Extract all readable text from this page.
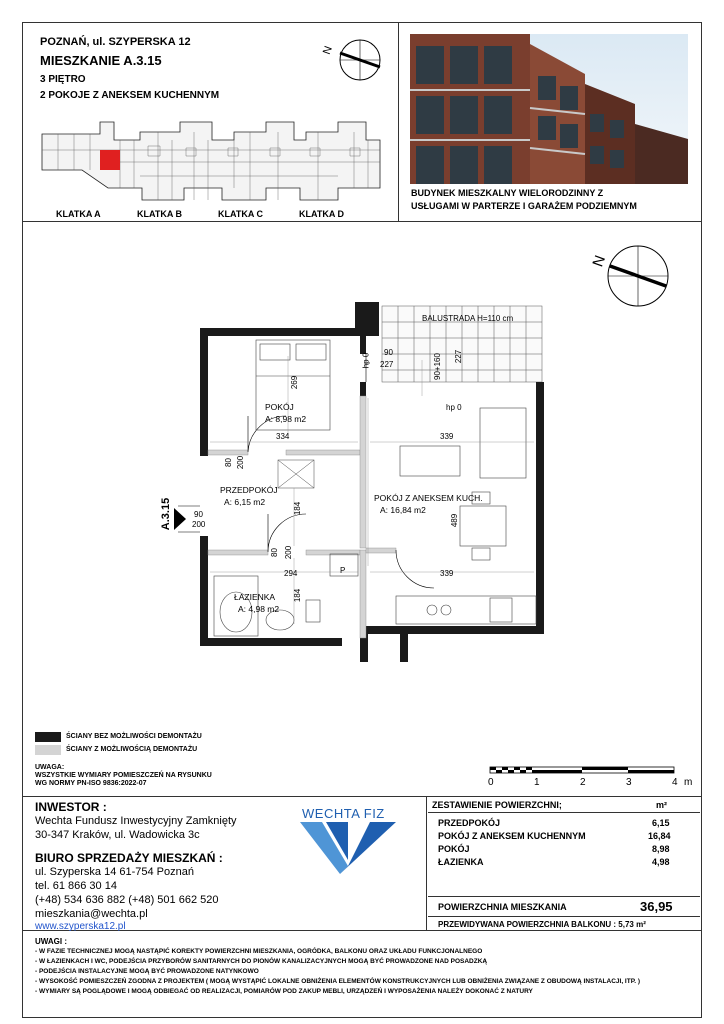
POZNAŃ, ul. SZYPERSKA 12
MIESZKANIE A.3.15
3 PIĘTRO
2 POKOJE Z ANEKSEM KUCHENNYM
N
KLATKA A	KLATKA B	KLATKA C	KLATKA D
BUDYNEK MIESZKALNY WIELORODZINNY Z
USŁUGAMI W PARTERZE I GARAŻEM PODZIEMNYM
N
BALUSTRADA H=110 cm
A.3.15
POKÓJ
A: 8,98 m2
PRZEDPOKÓJ
A: 6,15 m2	POKÓJ Z ANEKSEM KUCH.
A: 16,84 m2
ŁAZIENKA
A: 4,98 m2
334	339
294	339
269
184
184
489
90
227	90+160 227
hp 0
hp 0
80 200
80 200
90
200
P
ŚCIANY BEZ MOŻLIWOŚCI DEMONTAŻU
ŚCIANY Z MOŻLIWOŚCIĄ DEMONTAŻU
UWAGA:
WSZYSTKIE WYMIARY POMIESZCZEŃ NA RYSUNKU
WG NORMY PN-ISO 9836:2022-07	0	1	2	3	4 m
INWESTOR :
Wechta Fundusz Inwestycyjny Zamknięty
30-347 Kraków, ul. Wadowicka 3c
BIURO SPRZEDAŻY MIESZKAŃ :
ul. Szyperska 14 61-754 Poznań
tel. 61 866 30 14
(+48) 534 636 882 (+48) 501 662 520
mieszkania@wechta.pl
www.szyperska12.pl
WECHTA FIZ
ZESTAWIENIE POWIERZCHNI;	m²
PRZEDPOKÓJ	6,15
POKÓJ Z ANEKSEM KUCHENNYM	16,84
POKÓJ	8,98
ŁAZIENKA	4,98
POWIERZCHNIA MIESZKANIA	36,95
PRZEWIDYWANA POWIERZCHNIA BALKONU : 5,73 m²
UWAGI :
- W FAZIE TECHNICZNEJ MOGĄ NASTĄPIĆ KOREKTY POWIERZCHNI MIESZKANIA, OGRÓDKA, BALKONU ORAZ UKŁADU FUNKCJONALNEGO
- W ŁAZIENKACH I WC, PODEJŚCIA PRZYBORÓW SANITARNYCH DO PIONÓW KANALIZACYJNYCH MOGĄ BYĆ PROWADZONE NAD POSADZKĄ
- PODEJŚCIA INSTALACYJNE MOGĄ BYĆ PROWADZONE NATYNKOWO
- WYSOKOŚĆ POMIESZCZEŃ ZGODNA Z PROJEKTEM ( MOGĄ WYSTĄPIĆ LOKALNE OBNIŻENIA ELEMENTÓW KONSTRUKCYJNYCH LUB OBNIŻENIA ZWIĄZANE Z OBUDOWĄ INSTALACJI, ITP. )
- WYMIARY SĄ POGLĄDOWE I MOGĄ ODBIEGAĆ OD REALIZACJI, POMIARÓW POD ZAKUP MEBLI, URZĄDZEŃ I WYPOSAŻENIA NALEŻY DOKONAĆ Z NATURY
